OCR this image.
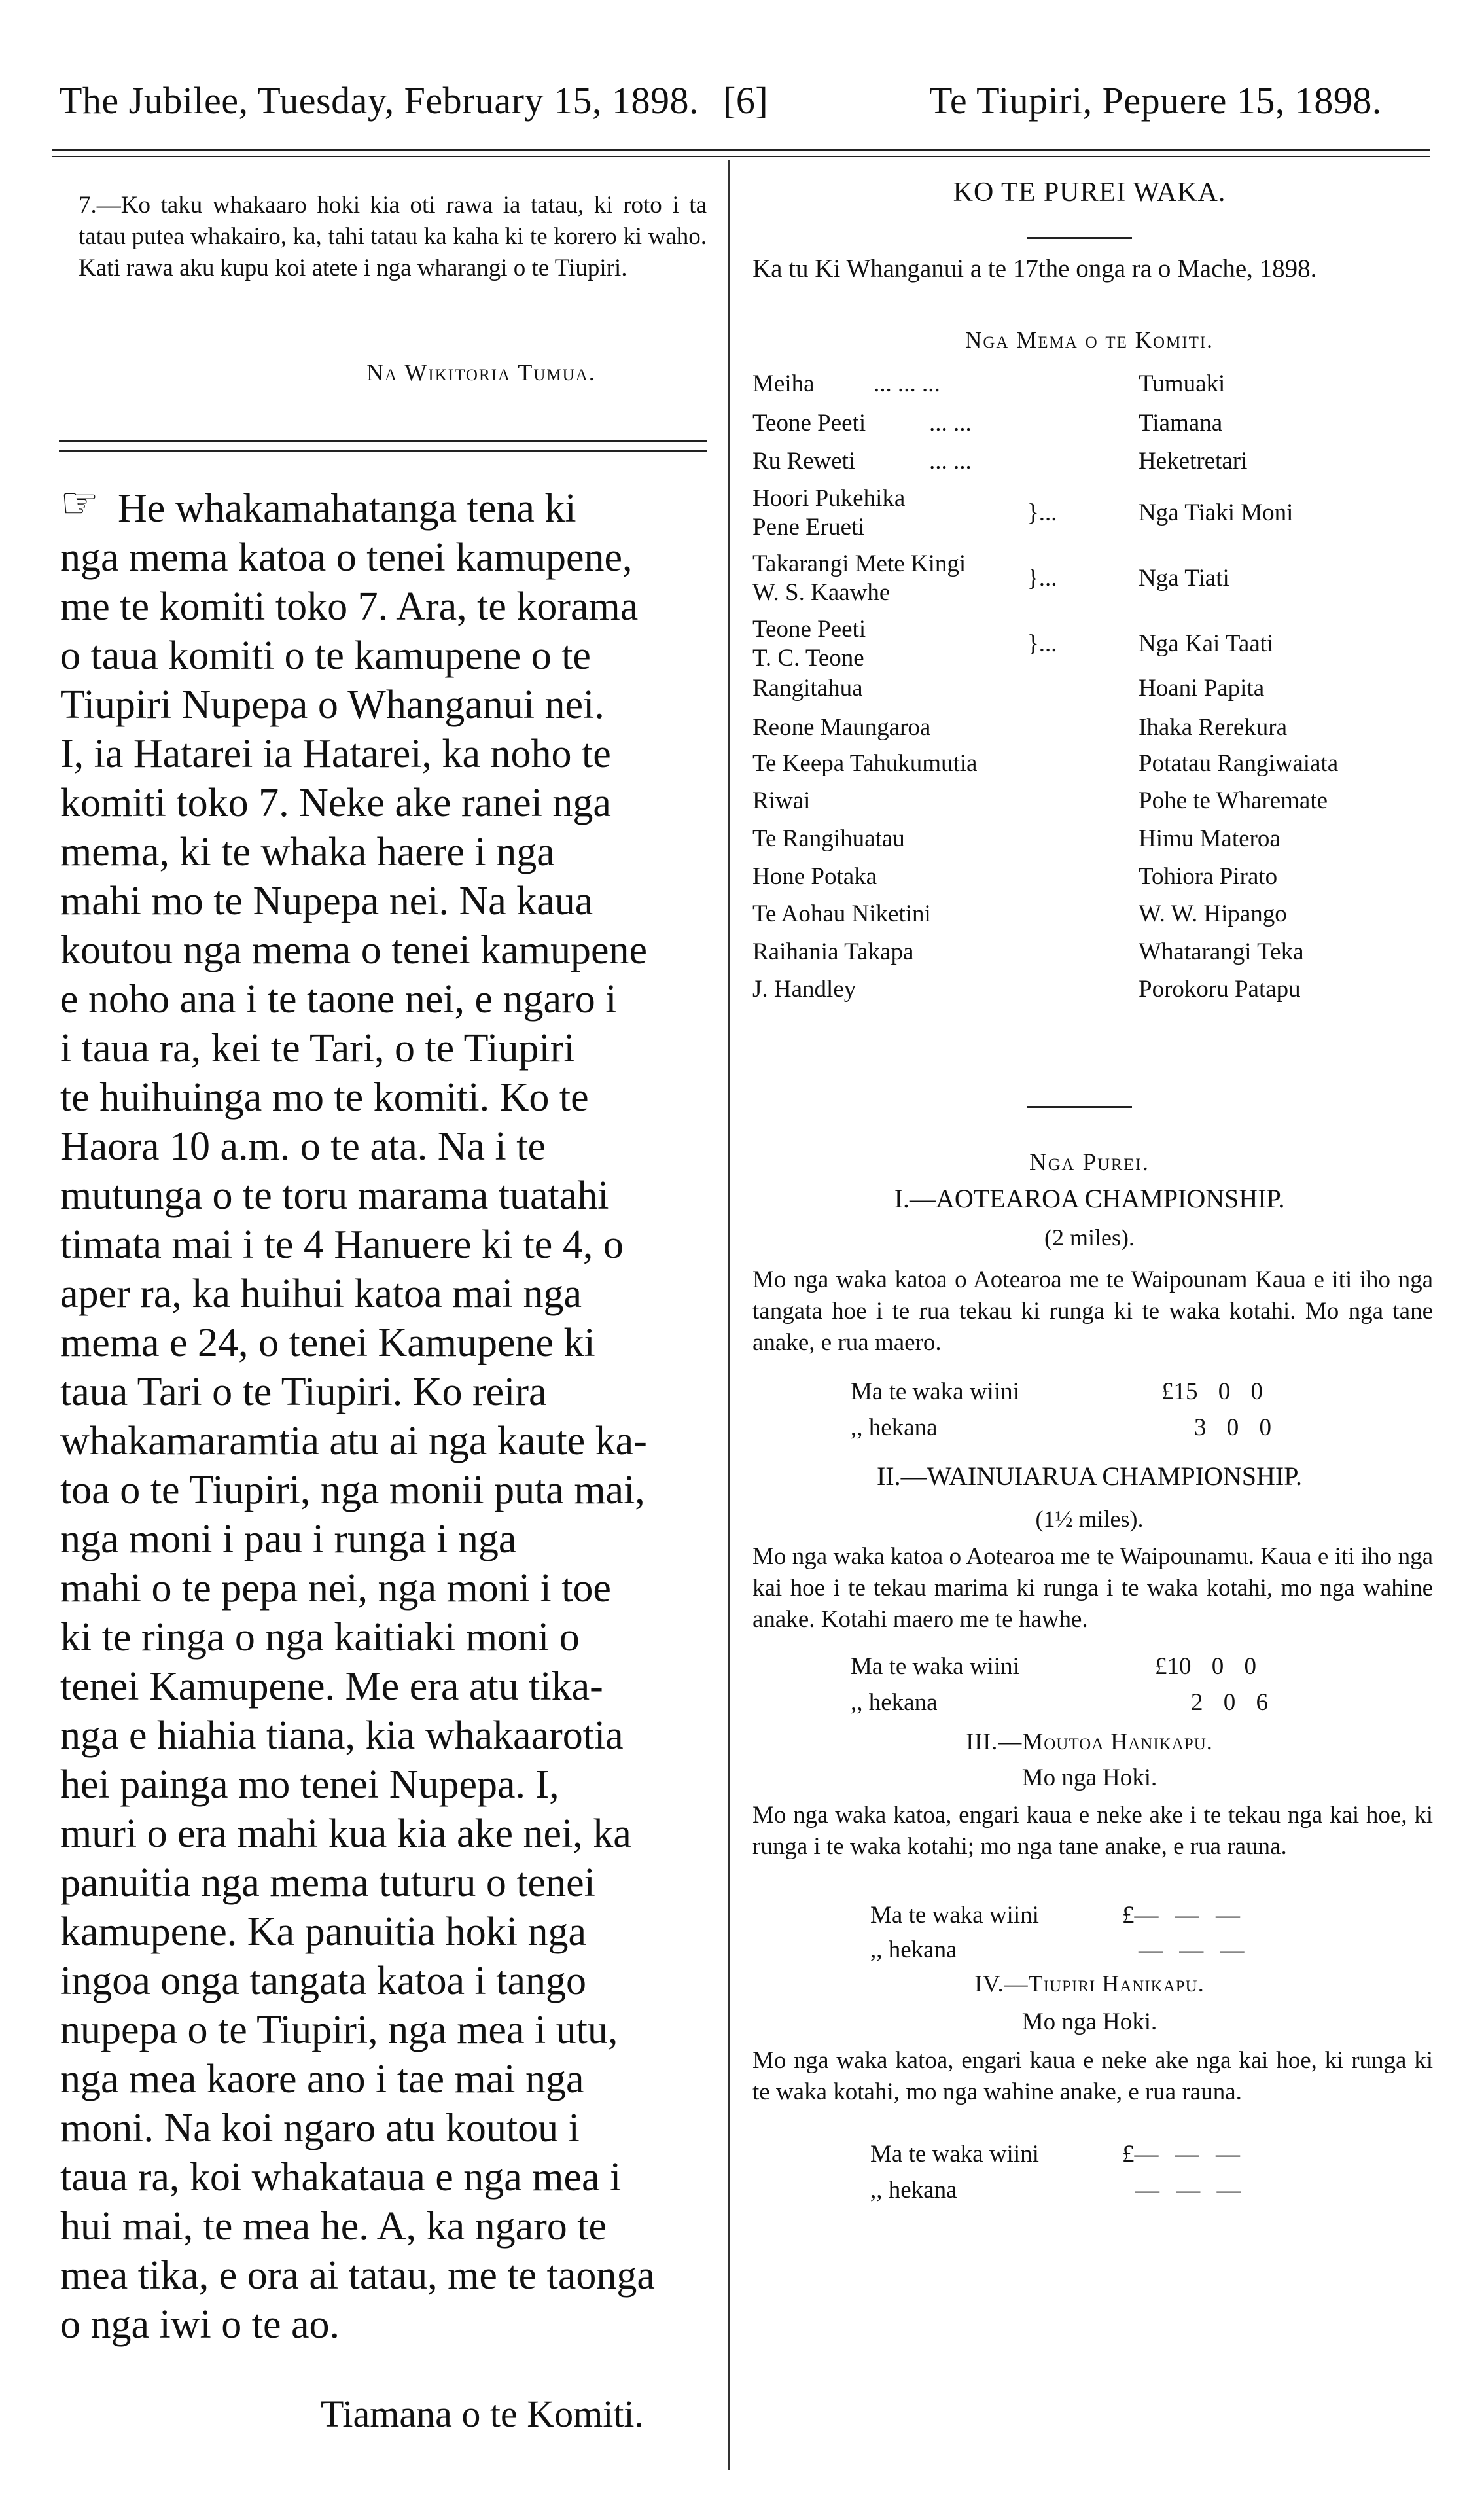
The Jubilee, Tuesday, February 15, 1898. [6]	Te Tiupiri, Pepuere 15, 1898.
7.—Ko taku whakaaro hoki kia oti rawa ia tatau, ki roto i ta tatau putea whakairo, ka, tahi tatau ka kaha ki te korero ki waho. Kati rawa aku kupu koi atete i nga wharangi o te Tiupiri.
Na Wikitoria Tumua.
☞ He whakamahatanga tena ki
nga mema katoa o tenei kamupene,
me te komiti toko 7. Ara, te korama
o taua komiti o te kamupene o te
Tiupiri Nupepa o Whanganui nei.
I, ia Hatarei ia Hatarei, ka noho te
komiti toko 7. Neke ake ranei nga
mema, ki te whaka haere i nga
mahi mo te Nupepa nei. Na kaua
koutou nga mema o tenei kamupene
e noho ana i te taone nei, e ngaro i
i taua ra, kei te Tari, o te Tiupiri
te huihuinga mo te komiti. Ko te
Haora 10 a.m. o te ata. Na i te
mutunga o te toru marama tuatahi
timata mai i te 4 Hanuere ki te 4, o
aper ra, ka huihui katoa mai nga
mema e 24, o tenei Kamupene ki
taua Tari o te Tiupiri. Ko reira
whakamaramtia atu ai nga kaute ka-
toa o te Tiupiri, nga monii puta mai,
nga moni i pau i runga i nga
mahi o te pepa nei, nga moni i toe
ki te ringa o nga kaitiaki moni o
tenei Kamupene. Me era atu tika-
nga e hiahia tiana, kia whakaarotia
hei painga mo tenei Nupepa. I,
muri o era mahi kua kia ake nei, ka
panuitia nga mema tuturu o tenei
kamupene. Ka panuitia hoki nga
ingoa onga tangata katoa i tango
nupepa o te Tiupiri, nga mea i utu,
nga mea kaore ano i tae mai nga
moni. Na koi ngaro atu koutou i
taua ra, koi whakataua e nga mea i
hui mai, te mea he. A, ka ngaro te
mea tika, e ora ai tatau, me te taonga
o nga iwi o te ao.
Tiamana o te Komiti.
KO TE PUREI WAKA.
Ka tu Ki Whanganui a te 17the onga ra o Mache, 1898.
Nga Mema o te Komiti.
Meiha ... ... ...	Tumuaki
Teone Peeti	... ...	Tiamana
Ru Reweti	... ...	Heketretari
Hoori Pukehika
Pene Erueti
}...	Nga Tiaki Moni
Takarangi Mete Kingi
W. S. Kaawhe
}...	Nga Tiati
Teone Peeti
T. C. Teone
}...	Nga Kai Taati
Rangitahua	Hoani Papita
Reone Maungaroa	Ihaka Rerekura
Te Keepa Tahukumutia	Potatau Rangiwaiata
Riwai	Pohe te Wharemate
Te Rangihuatau	Himu Materoa
Hone Potaka	Tohiora Pirato
Te Aohau Niketini	W. W. Hipango
Raihania Takapa	Whatarangi Teka
J. Handley	Porokoru Patapu
Nga Purei.
I.—AOTEAROA CHAMPIONSHIP.
(2 miles).
Mo nga waka katoa o Aotearoa me te Waipounam Kaua e iti iho nga tangata hoe i te rua tekau ki runga ki te waka kotahi. Mo nga tane anake, e rua maero.
Ma te waka wiini	£15 0 0
,, hekana	3 0 0
II.—WAINUIARUA CHAMPIONSHIP.
(1½ miles).
Mo nga waka katoa o Aotearoa me te Waipounamu. Kaua e iti iho nga kai hoe i te tekau marima ki runga i te waka kotahi, mo nga wahine anake. Kotahi maero me te hawhe.
Ma te waka wiini	£10 0 0
,, hekana	2 0 6
III.—Moutoa Hanikapu.
Mo nga Hoki.
Mo nga waka katoa, engari kaua e neke ake i te tekau nga kai hoe, ki runga i te waka kotahi; mo nga tane anake, e rua rauna.
Ma te waka wiini	£— — —
,, hekana	— — —
IV.—Tiupiri Hanikapu.
Mo nga Hoki.
Mo nga waka katoa, engari kaua e neke ake nga kai hoe, ki runga ki te waka kotahi, mo nga wahine anake, e rua rauna.
Ma te waka wiini	£— — —
,, hekana	— — —
